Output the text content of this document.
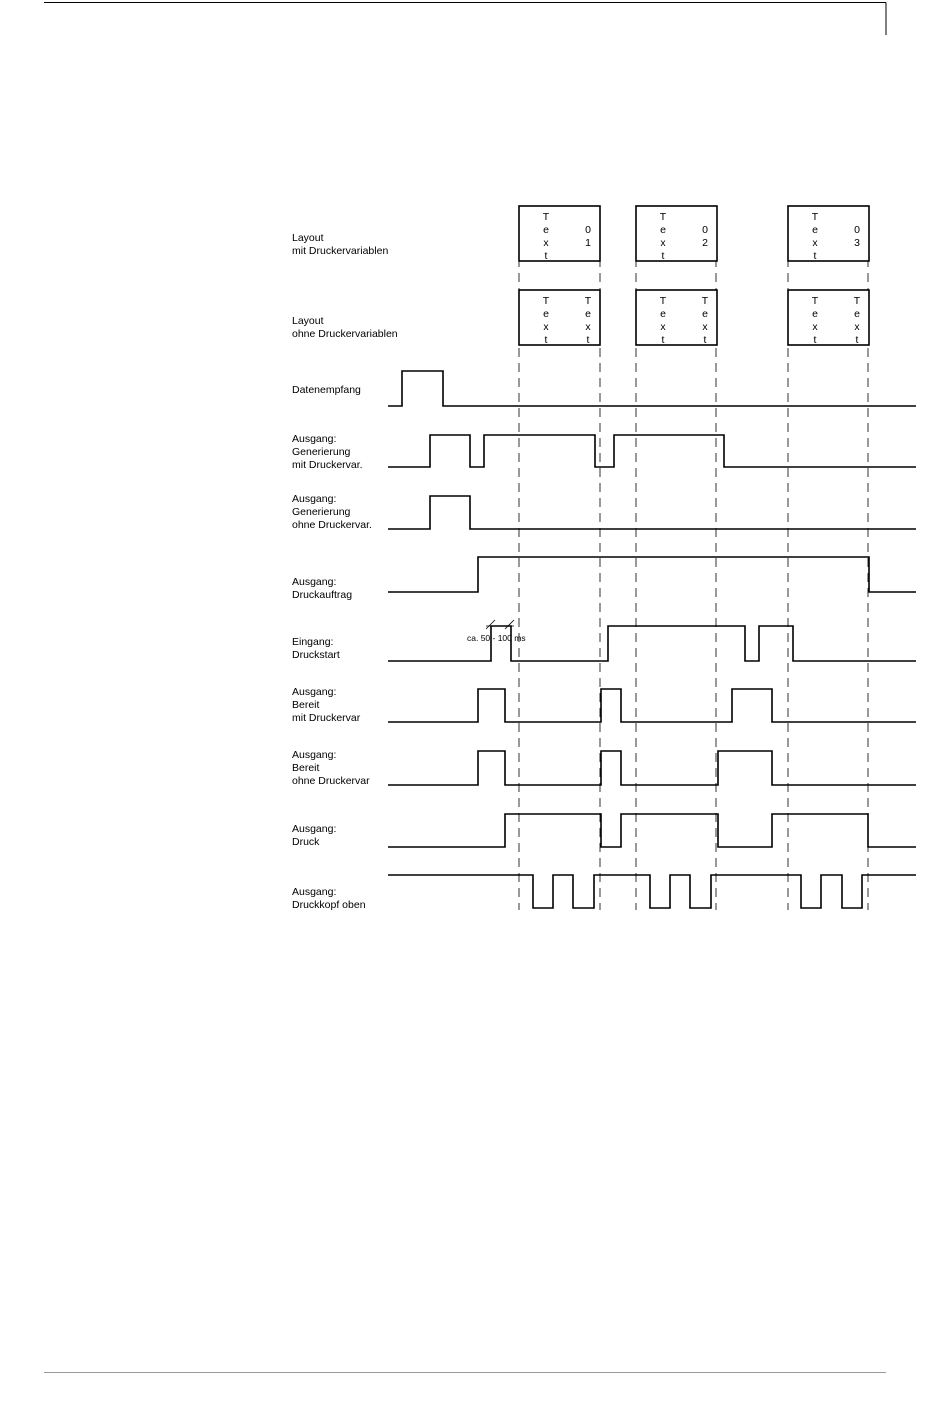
T
e
x
t
0
1
T
e
x
t
0
2
T
e
x
t
0
3
T
e
x
t
T
e
x
t
T
e
x
t
T
e
x
t
T
e
x
t
T
e
x
t
Layout mit Druckervariablen
Layout ohne Druckervariablen
Datenempfang
Ausgang: Generierung mit Druckervar.
Ausgang: Generierung ohne Druckervar.
Ausgang: Druckauftrag
Eingang: Druckstart
Ausgang: Bereit mit Druckervar
Ausgang: Bereit ohne Druckervar
Ausgang: Druck
Ausgang: Druckkopf oben
ca. 50 - 100 ms
